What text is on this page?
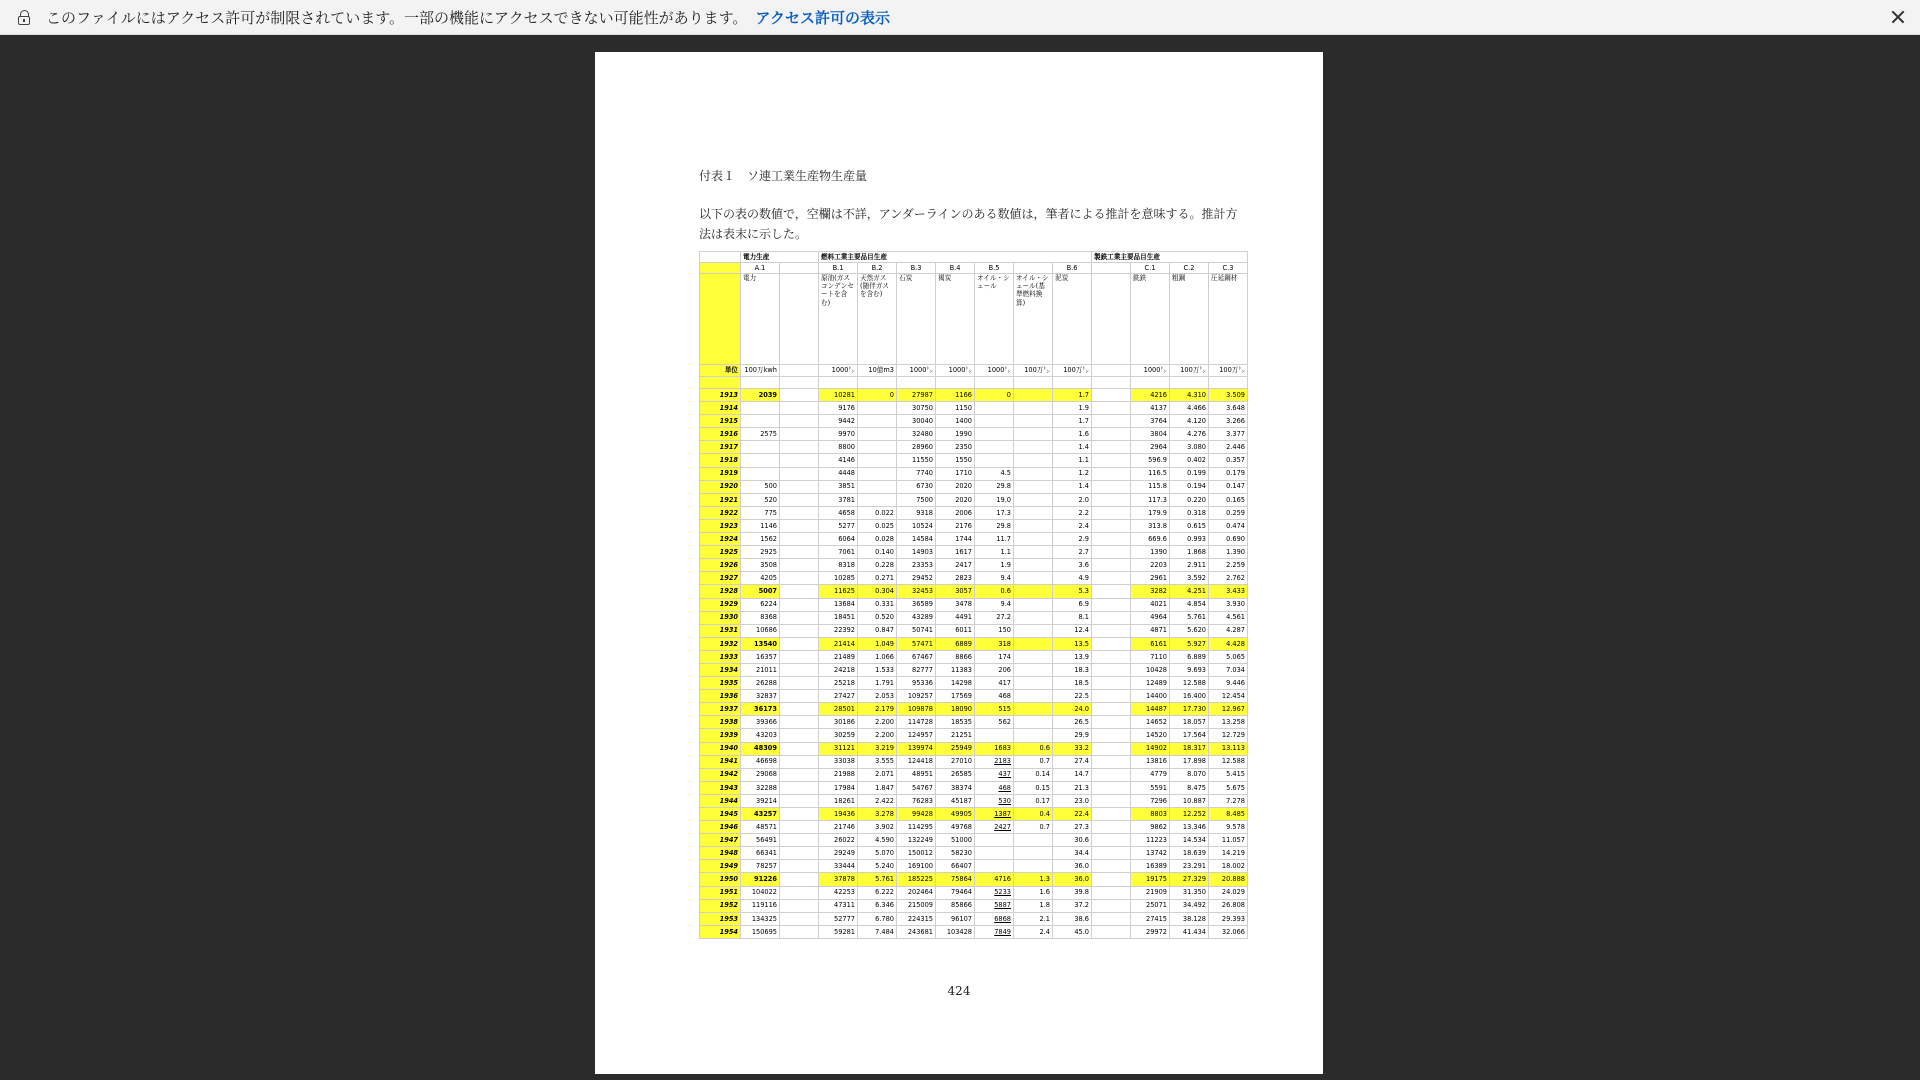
このファイルにはアクセス許可が制限されています。一部の機能にアクセスできない可能性があります。 アクセス許可の表示
付表１　ソ連工業生産物生産量
以下の表の数値で，空欄は不詳，アンダーラインのある数値は，筆者による推計を意味する。推計方法は表末に示した。
	電力生産		燃料工業主要品目生産							製鉄工業主要品目生産			
	A.1		B.1	B.2	B.3	B.4	B.5		B.6		C.1	C.2	C.3
	電力		原油(ガスコンデンセートを含む)	天然ガス(随伴ガスを含む)	石炭	褐炭	オイル・シェール	オイル・シェール(基準燃料換算)	泥炭		銑鉄	粗鋼	圧延鋼材
単位	100万kwh		1000㌧	10億m3	1000㌧	1000㌧	1000㌧	100万㌧	100万㌧		1000㌧	100万㌧	100万㌧

1913	2039		10281	0	27987	1166	0		1.7		4216	4.310	3.509
1914			9176		30750	1150			1.9		4137	4.466	3.648
1915			9442		30040	1400			1.7		3764	4.120	3.266
1916	2575		9970		32480	1990			1.6		3804	4.276	3.377
1917			8800		28960	2350			1.4		2964	3.080	2.446
1918			4146		11550	1550			1.1		596.9	0.402	0.357
1919			4448		7740	1710	4.5		1.2		116.5	0.199	0.179
1920	500		3851		6730	2020	29.8		1.4		115.8	0.194	0.147
1921	520		3781		7500	2020	19.0		2.0		117.3	0.220	0.165
1922	775		4658	0.022	9318	2006	17.3		2.2		179.9	0.318	0.259
1923	1146		5277	0.025	10524	2176	29.8		2.4		313.8	0.615	0.474
1924	1562		6064	0.028	14584	1744	11.7		2.9		669.6	0.993	0.690
1925	2925		7061	0.140	14903	1617	1.1		2.7		1390	1.868	1.390
1926	3508		8318	0.228	23353	2417	1.9		3.6		2203	2.911	2.259
1927	4205		10285	0.271	29452	2823	9.4		4.9		2961	3.592	2.762
1928	5007		11625	0.304	32453	3057	0.6		5.3		3282	4.251	3.433
1929	6224		13684	0.331	36589	3478	9.4		6.9		4021	4.854	3.930
1930	8368		18451	0.520	43289	4491	27.2		8.1		4964	5.761	4.561
1931	10686		22392	0.847	50741	6011	150		12.4		4871	5.620	4.287
1932	13540		21414	1.049	57471	6889	318		13.5		6161	5.927	4.428
1933	16357		21489	1.066	67467	8866	174		13.9		7110	6.889	5.065
1934	21011		24218	1.533	82777	11383	206		18.3		10428	9.693	7.034
1935	26288		25218	1.791	95336	14298	417		18.5		12489	12.588	9.446
1936	32837		27427	2.053	109257	17569	468		22.5		14400	16.400	12.454
1937	36173		28501	2.179	109878	18090	515		24.0		14487	17.730	12.967
1938	39366		30186	2.200	114728	18535	562		26.5		14652	18.057	13.258
1939	43203		30259	2.200	124957	21251			29.9		14520	17.564	12.729
1940	48309		31121	3.219	139974	25949	1683	0.6	33.2		14902	18.317	13.113
1941	46698		33038	3.555	124418	27010	2183	0.7	27.4		13816	17.898	12.588
1942	29068		21988	2.071	48951	26585	437	0.14	14.7		4779	8.070	5.415
1943	32288		17984	1.847	54767	38374	468	0.15	21.3		5591	8.475	5.675
1944	39214		18261	2.422	76283	45187	530	0.17	23.0		7296	10.887	7.278
1945	43257		19436	3.278	99428	49905	1387	0.4	22.4		8803	12.252	8.485
1946	48571		21746	3.902	114295	49768	2427	0.7	27.3		9862	13.346	9.578
1947	56491		26022	4.590	132249	51000			30.6		11223	14.534	11.057
1948	66341		29249	5.070	150012	58230			34.4		13742	18.639	14.219
1949	78257		33444	5.240	169100	66407			36.0		16389	23.291	18.002
1950	91226		37878	5.761	185225	75864	4716	1.3	36.0		19175	27.329	20.888
1951	104022		42253	6.222	202464	79464	5233	1.6	39.8		21909	31.350	24.029
1952	119116		47311	6.346	215009	85866	5887	1.8	37.2		25071	34.492	26.808
1953	134325		52777	6.780	224315	96107	6868	2.1	38.6		27415	38.128	29.393
1954	150695		59281	7.484	243681	103428	7849	2.4	45.0		29972	41.434	32.066
424
